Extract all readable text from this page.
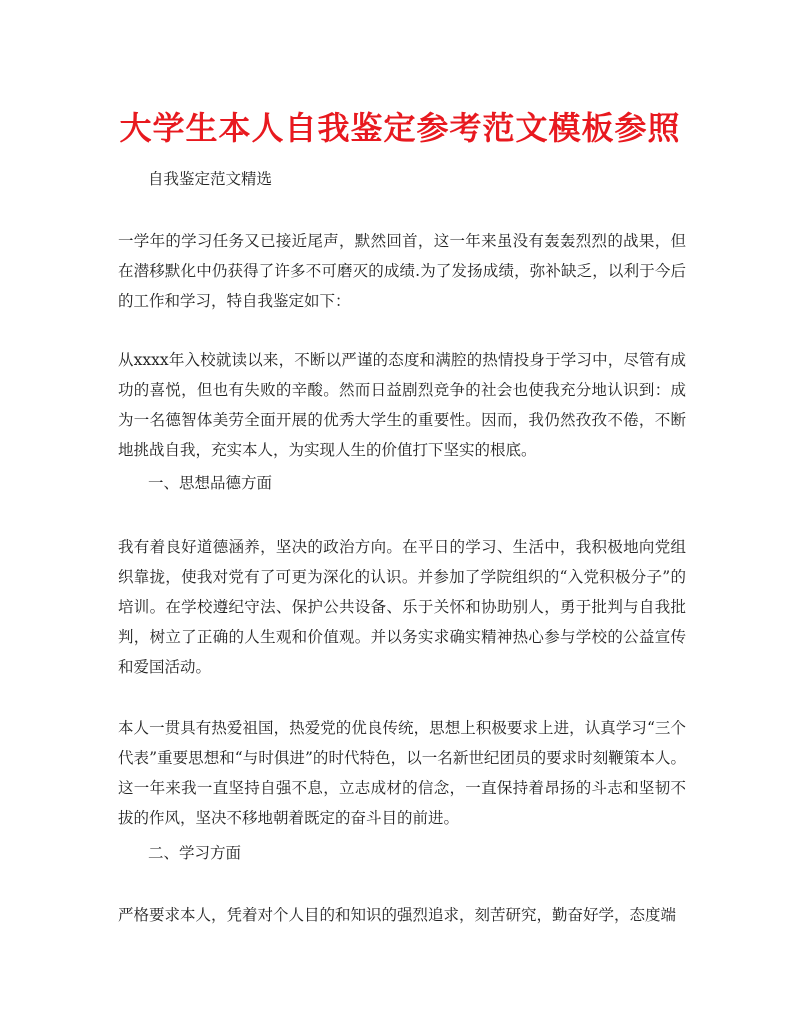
大学生本人自我鉴定参考范文模板参照
自我鉴定范文精选

一学年的学习任务又已接近尾声，默然回首，这一年来虽没有轰轰烈烈的战果，但在潜移默化中仍获得了许多不可磨灭的成绩.为了发扬成绩，弥补缺乏，以利于今后的工作和学习，特自我鉴定如下：

从xxxx年入校就读以来，不断以严谨的态度和满腔的热情投身于学习中，尽管有成功的喜悦，但也有失败的辛酸。然而日益剧烈竞争的社会也使我充分地认识到：成为一名德智体美劳全面开展的优秀大学生的重要性。因而，我仍然孜孜不倦，不断地挑战自我，充实本人，为实现人生的价值打下坚实的根底。

一、思想品德方面

我有着良好道德涵养，坚决的政治方向。在平日的学习、生活中，我积极地向党组织靠拢，使我对党有了可更为深化的认识。并参加了学院组织的“入党积极分子”的培训。在学校遵纪守法、保护公共设备、乐于关怀和协助别人，勇于批判与自我批判，树立了正确的人生观和价值观。并以务实求确实精神热心参与学校的公益宣传和爱国活动。

本人一贯具有热爱祖国，热爱党的优良传统，思想上积极要求上进，认真学习“三个代表”重要思想和“与时俱进”的时代特色，以一名新世纪团员的要求时刻鞭策本人。这一年来我一直坚持自强不息，立志成材的信念，一直保持着昂扬的斗志和坚韧不拔的作风，坚决不移地朝着既定的奋斗目的前进。

二、学习方面

严格要求本人，凭着对个人目的和知识的强烈追求，刻苦研究，勤奋好学，态度端
